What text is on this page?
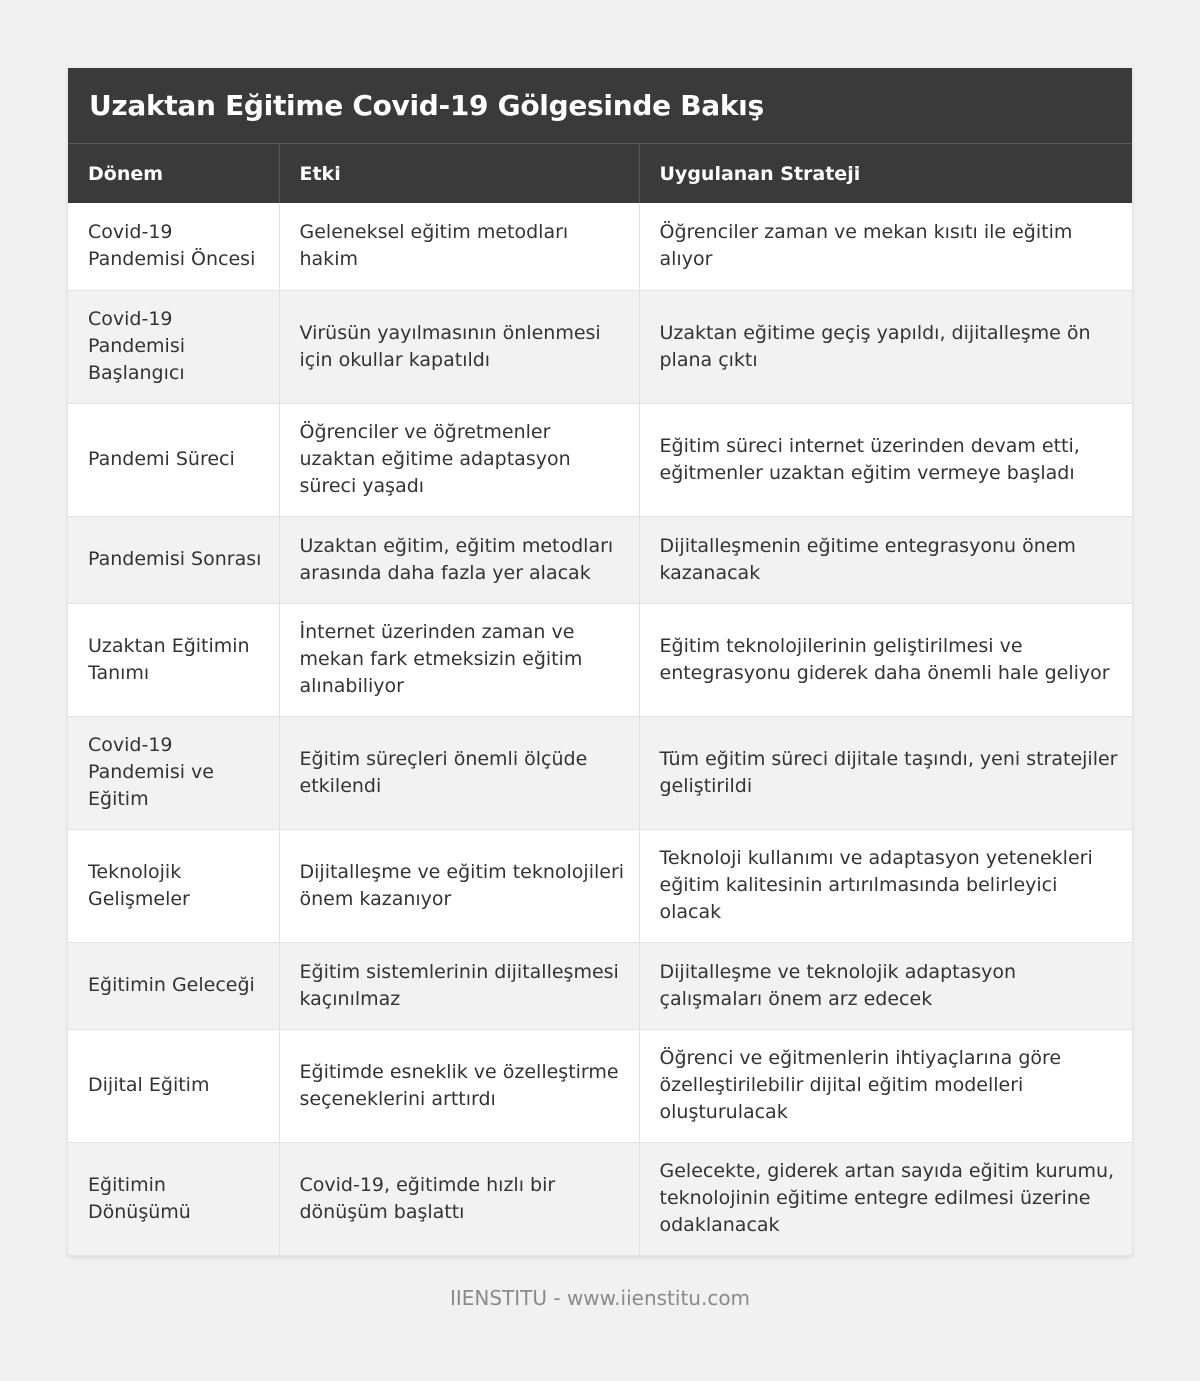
Uzaktan Eğitime Covid-19 Gölgesinde Bakış
Dönem	Etki	Uygulanan Strateji
Covid-19 Pandemisi Öncesi	Geleneksel eğitim metodları hakim	Öğrenciler zaman ve mekan kısıtı ile eğitim alıyor
Covid-19 Pandemisi Başlangıcı	Virüsün yayılmasının önlenmesi için okullar kapatıldı	Uzaktan eğitime geçiş yapıldı, dijitalleşme ön plana çıktı
Pandemi Süreci	Öğrenciler ve öğretmenler uzaktan eğitime adaptasyon süreci yaşadı	Eğitim süreci internet üzerinden devam etti, eğitmenler uzaktan eğitim vermeye başladı
Pandemisi Sonrası	Uzaktan eğitim, eğitim metodları arasında daha fazla yer alacak	Dijitalleşmenin eğitime entegrasyonu önem kazanacak
Uzaktan Eğitimin Tanımı	İnternet üzerinden zaman ve mekan fark etmeksizin eğitim alınabiliyor	Eğitim teknolojilerinin geliştirilmesi ve entegrasyonu giderek daha önemli hale geliyor
Covid-19 Pandemisi ve Eğitim	Eğitim süreçleri önemli ölçüde etkilendi	Tüm eğitim süreci dijitale taşındı, yeni stratejiler geliştirildi
Teknolojik Gelişmeler	Dijitalleşme ve eğitim teknolojileri önem kazanıyor	Teknoloji kullanımı ve adaptasyon yetenekleri eğitim kalitesinin artırılmasında belirleyici olacak
Eğitimin Geleceği	Eğitim sistemlerinin dijitalleşmesi kaçınılmaz	Dijitalleşme ve teknolojik adaptasyon çalışmaları önem arz edecek
Dijital Eğitim	Eğitimde esneklik ve özelleştirme seçeneklerini arttırdı	Öğrenci ve eğitmenlerin ihtiyaçlarına göre özelleştirilebilir dijital eğitim modelleri oluşturulacak
Eğitimin Dönüşümü	Covid-19, eğitimde hızlı bir dönüşüm başlattı	Gelecekte, giderek artan sayıda eğitim kurumu, teknolojinin eğitime entegre edilmesi üzerine odaklanacak
IIENSTITU - www.iienstitu.com
